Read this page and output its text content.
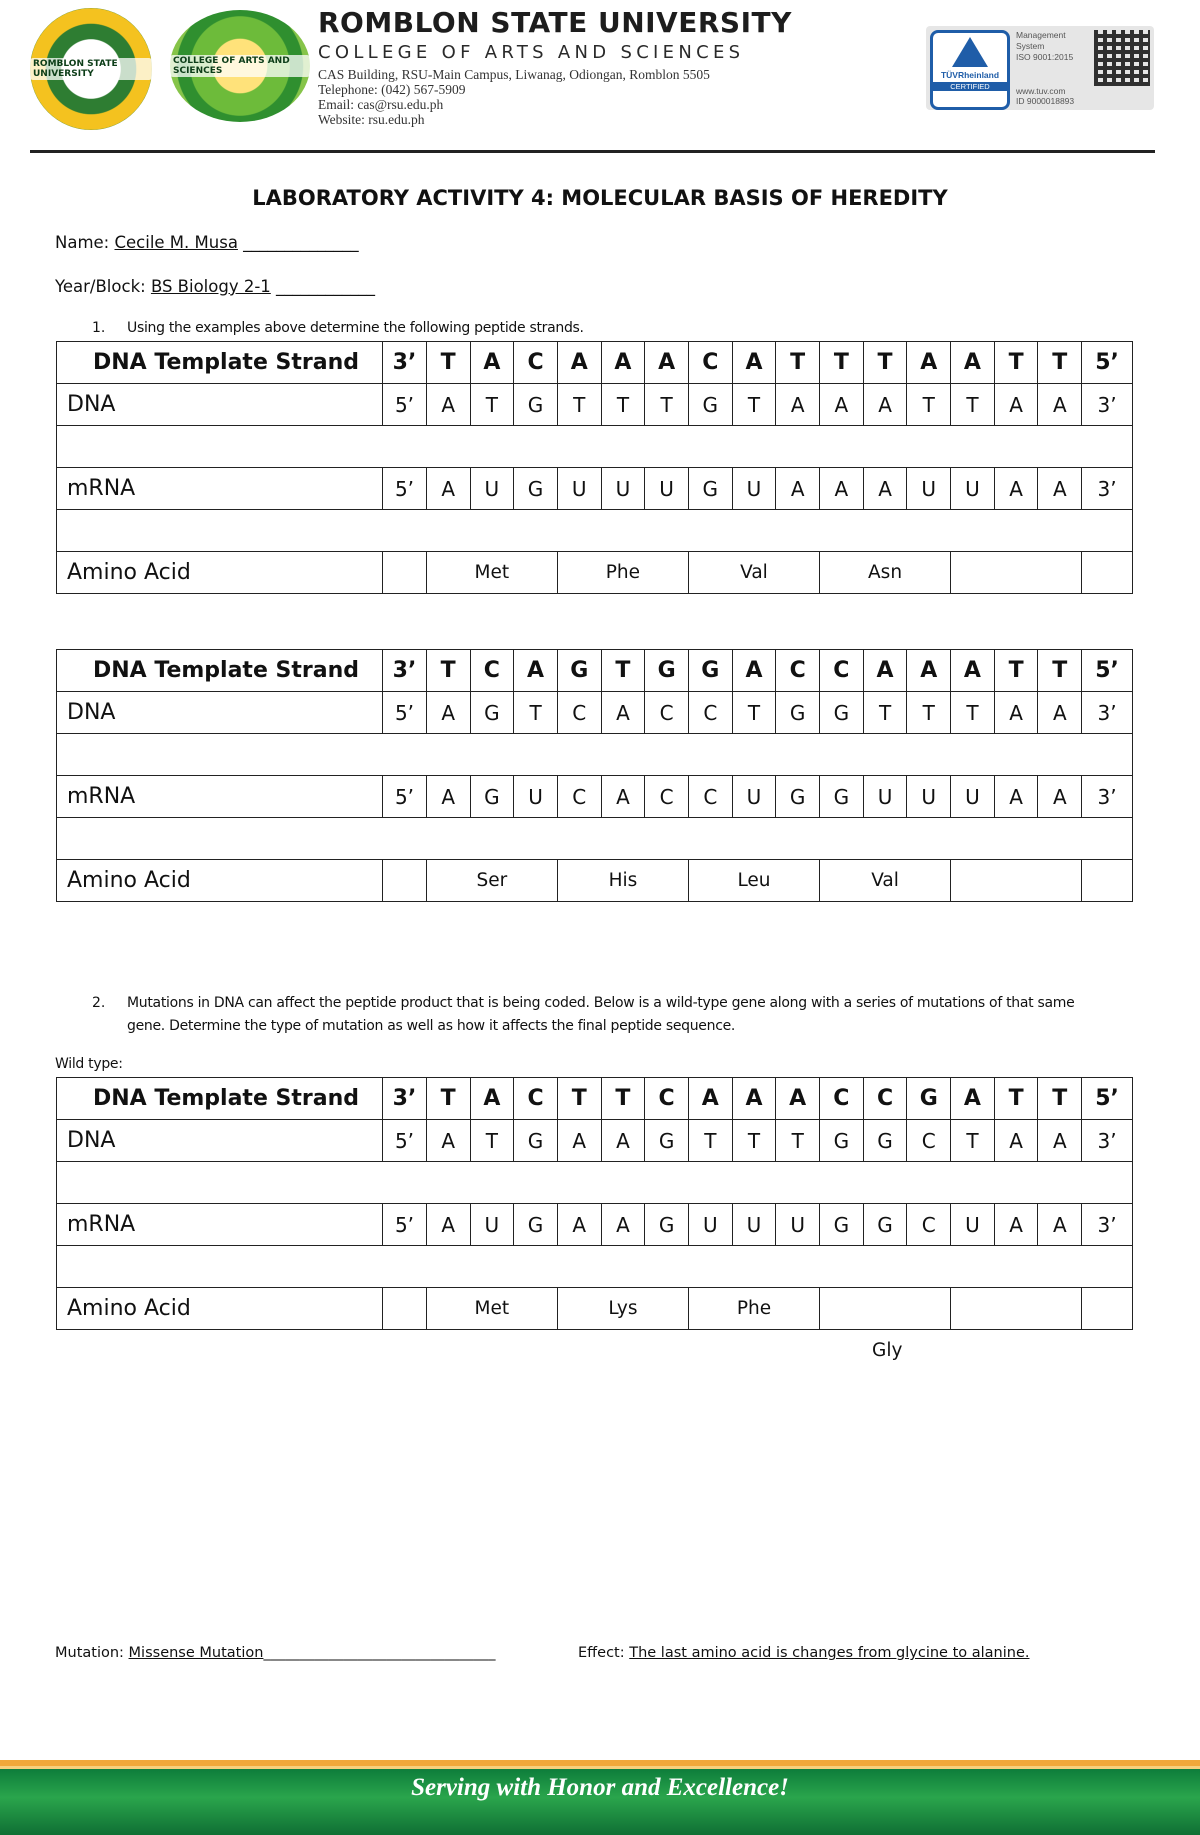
ROMBLON STATE UNIVERSITY
COLLEGE OF ARTS AND SCIENCES
ROMBLON STATE UNIVERSITY
COLLEGE OF ARTS AND SCIENCES
CAS Building, RSU-Main Campus, Liwanag, Odiongan, Romblon 5505
Telephone: (042) 567-5909
Email: cas@rsu.edu.ph
Website: rsu.edu.ph
TÜVRheinland
CERTIFIED
Management
System
ISO 9001:2015
www.tuv.com
ID 9000018893
LABORATORY ACTIVITY 4: MOLECULAR BASIS OF HEREDITY
Name: Cecile M. Musa ______________
Year/Block: BS Biology 2-1 ____________
1. Using the examples above determine the following peptide strands.
DNA Template Strand	3’	T	A	C	A	A	A	C	A	T	T	T	A	A	T	T	5’
DNA	5’	A	T	G	T	T	T	G	T	A	A	A	T	T	A	A	3’

mRNA	5’	A	U	G	U	U	U	G	U	A	A	A	U	U	A	A	3’

Amino Acid		Met			Phe			Val			Asn						
DNA Template Strand	3’	T	C	A	G	T	G	G	A	C	C	A	A	A	T	T	5’
DNA	5’	A	G	T	C	A	C	C	T	G	G	T	T	T	A	A	3’

mRNA	5’	A	G	U	C	A	C	C	U	G	G	U	U	U	A	A	3’

Amino Acid		Ser			His			Leu			Val						
2. Mutations in DNA can affect the peptide product that is being coded. Below is a wild-type gene along with a series of mutations of that same
gene. Determine the type of mutation as well as how it affects the final peptide sequence.
Wild type:
DNA Template Strand	3’	T	A	C	T	T	C	A	A	A	C	C	G	A	T	T	5’
DNA	5’	A	T	G	A	A	G	T	T	T	G	G	C	T	A	A	3’

mRNA	5’	A	U	G	A	A	G	U	U	U	G	G	C	U	A	A	3’

Amino Acid		Met			Lys			Phe									
Gly
Mutation: Missense Mutation________________________________	Effect: The last amino acid is changes from glycine to alanine.
Serving with Honor and Excellence!
